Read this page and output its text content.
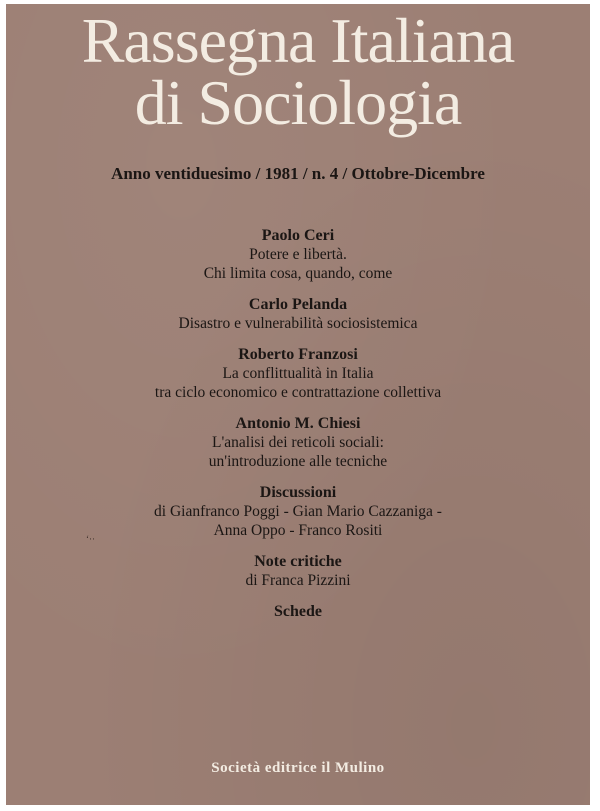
Rassegna Italiana
di Sociologia
Anno ventiduesimo / 1981 / n. 4 / Ottobre-Dicembre
Paolo Ceri
Potere e libertà.
Chi limita cosa, quando, come
Carlo Pelanda
Disastro e vulnerabilità sociosistemica
Roberto Franzosi
La conflittualità in Italia
tra ciclo economico e contrattazione collettiva
Antonio M. Chiesi
L'analisi dei reticoli sociali:
un'introduzione alle tecniche
Discussioni
di Gianfranco Poggi - Gian Mario Cazzaniga -
Anna Oppo - Franco Rositi
Note critiche
di Franca Pizzini
Schede
‘··
Società editrice il Mulino
